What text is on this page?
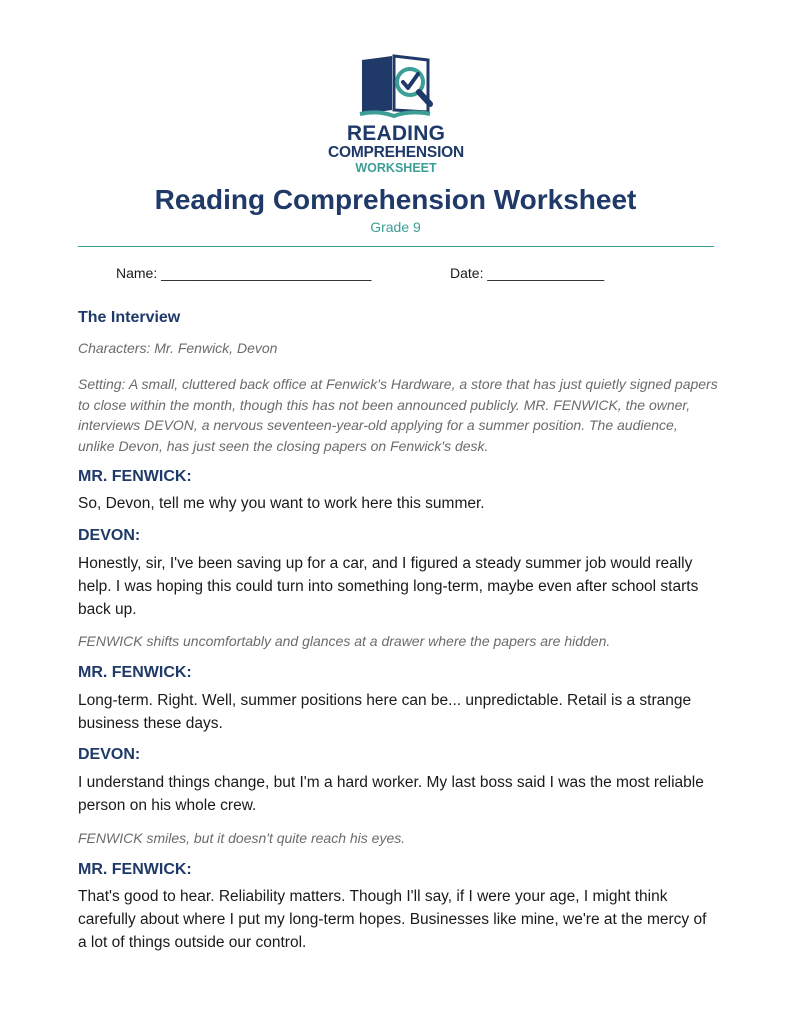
READING
COMPREHENSION
WORKSHEET
Reading Comprehension Worksheet
Grade 9
Name: ___________________________	Date: _______________
The Interview
Characters: Mr. Fenwick, Devon
Setting: A small, cluttered back office at Fenwick's Hardware, a store that has just quietly signed papers to close within the month, though this has not been announced publicly. MR. FENWICK, the owner, interviews DEVON, a nervous seventeen-year-old applying for a summer position. The audience, unlike Devon, has just seen the closing papers on Fenwick's desk.
MR. FENWICK:
So, Devon, tell me why you want to work here this summer.
DEVON:
Honestly, sir, I've been saving up for a car, and I figured a steady summer job would really help. I was hoping this could turn into something long-term, maybe even after school starts back up.
FENWICK shifts uncomfortably and glances at a drawer where the papers are hidden.
MR. FENWICK:
Long-term. Right. Well, summer positions here can be... unpredictable. Retail is a strange business these days.
DEVON:
I understand things change, but I'm a hard worker. My last boss said I was the most reliable person on his whole crew.
FENWICK smiles, but it doesn't quite reach his eyes.
MR. FENWICK:
That's good to hear. Reliability matters. Though I'll say, if I were your age, I might think carefully about where I put my long-term hopes. Businesses like mine, we're at the mercy of a lot of things outside our control.
